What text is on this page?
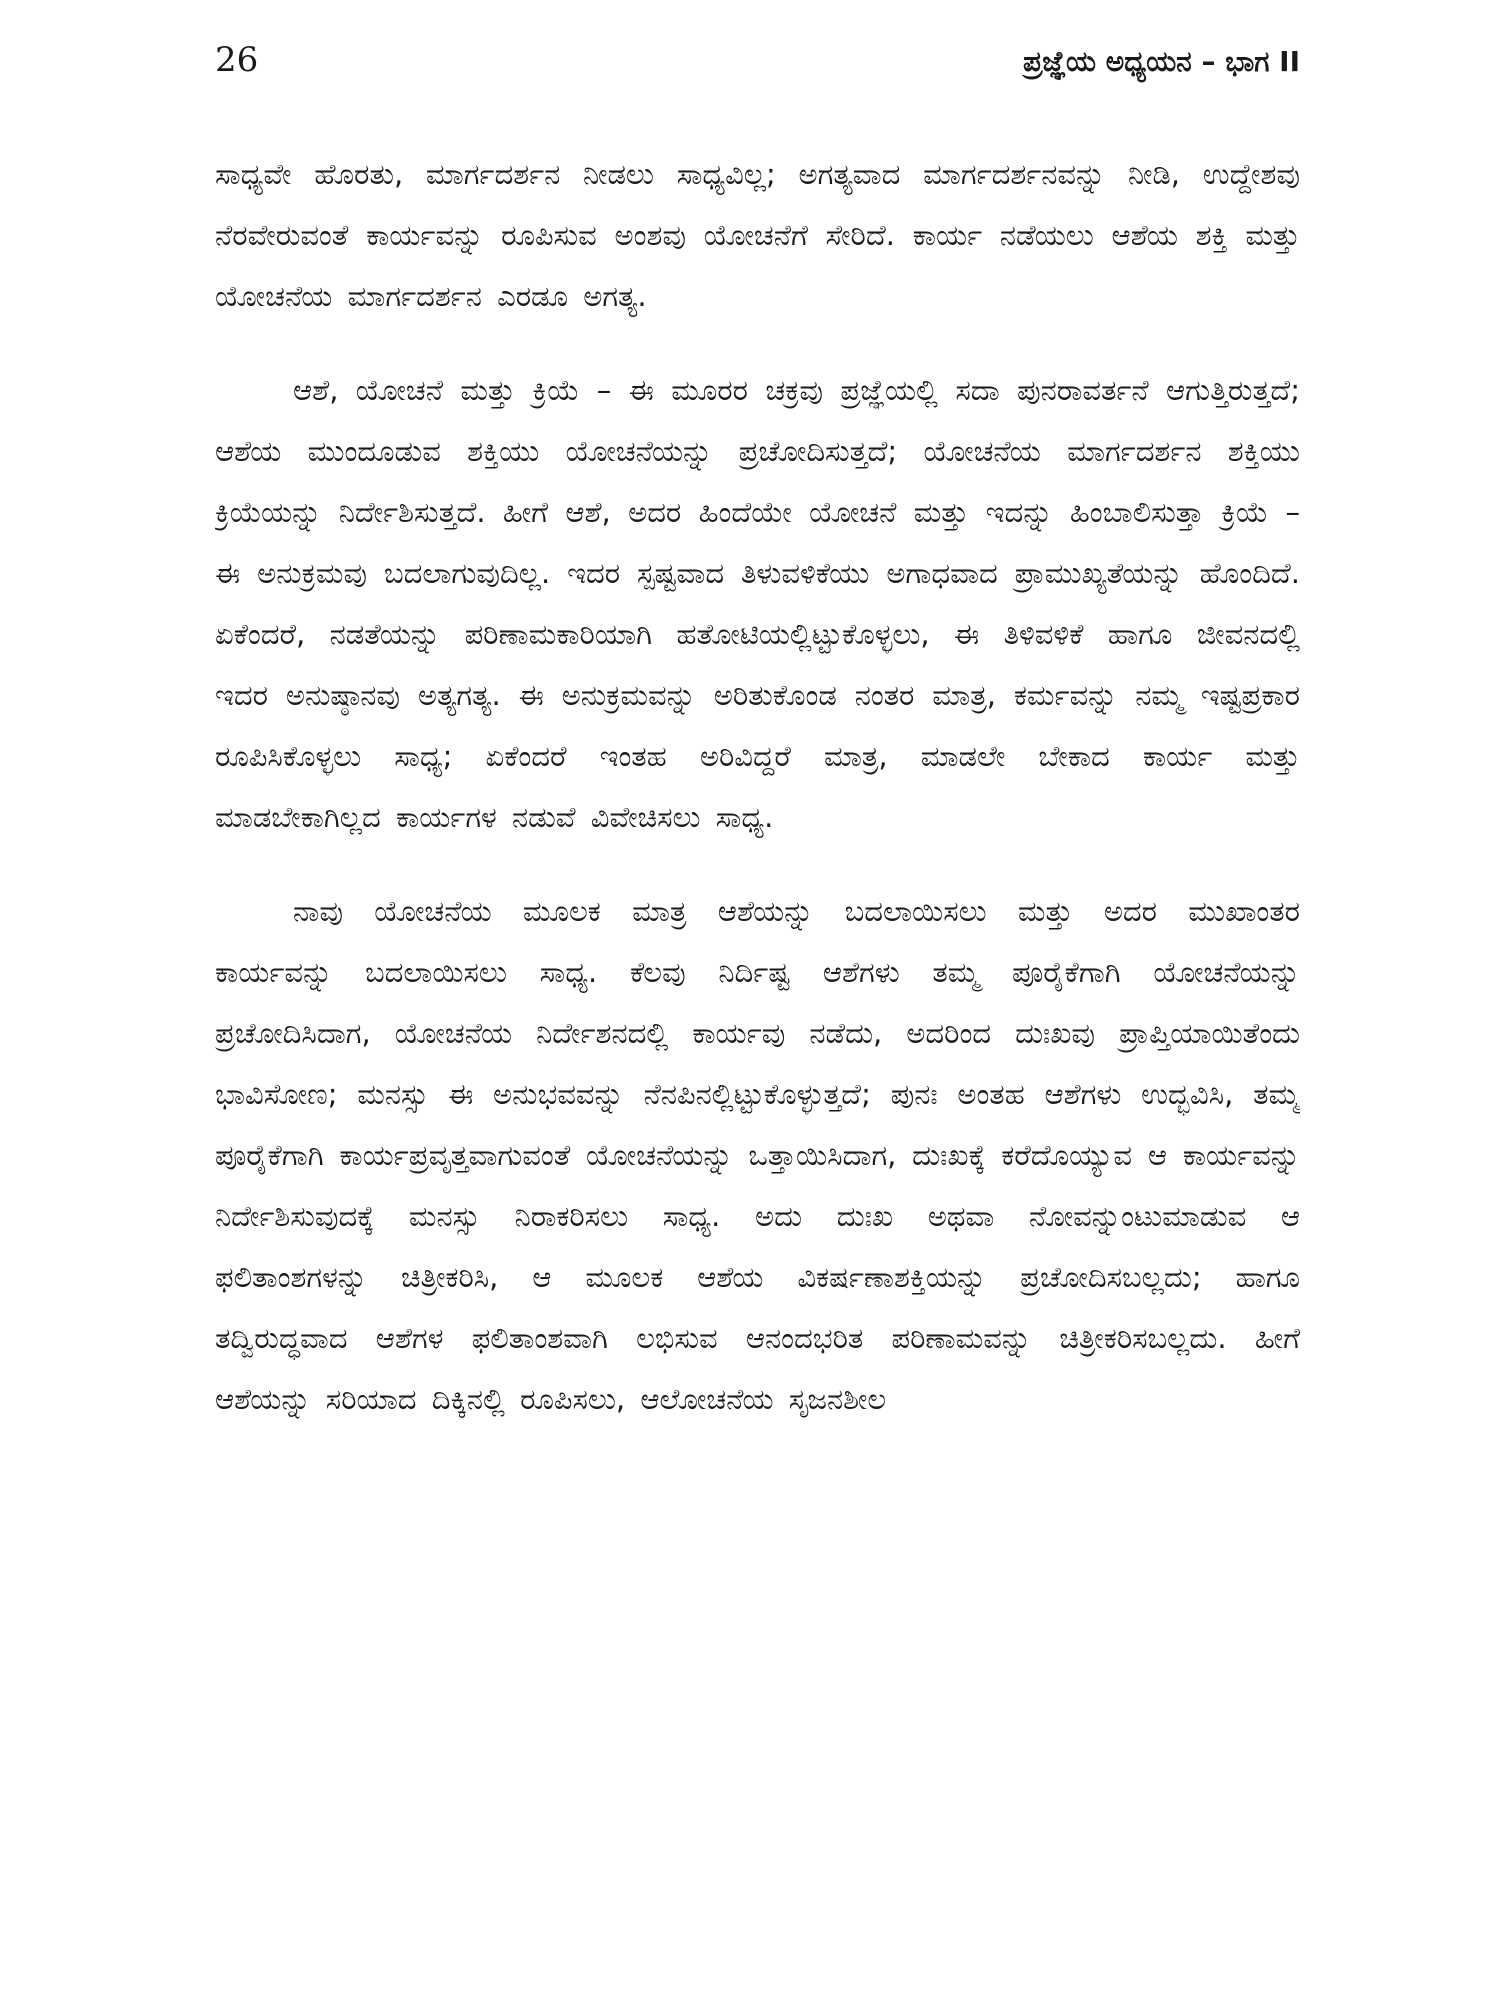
26	ಪ್ರಜ್ಞೆಯ ಅಧ್ಯಯನ – ಭಾಗ II

ಸಾಧ್ಯವೇ ಹೊರತು, ಮಾರ್ಗದರ್ಶನ ನೀಡಲು ಸಾಧ್ಯವಿಲ್ಲ; ಅಗತ್ಯವಾದ ಮಾರ್ಗದರ್ಶನವನ್ನು ನೀಡಿ, ಉದ್ದೇಶವು ನೆರವೇರುವಂತೆ ಕಾರ್ಯವನ್ನು ರೂಪಿಸುವ ಅಂಶವು ಯೋಚನೆಗೆ ಸೇರಿದೆ. ಕಾರ್ಯ ನಡೆಯಲು ಆಶೆಯ ಶಕ್ತಿ ಮತ್ತು ಯೋಚನೆಯ ಮಾರ್ಗದರ್ಶನ ಎರಡೂ ಅಗತ್ಯ.

ಆಶೆ, ಯೋಚನೆ ಮತ್ತು ಕ್ರಿಯೆ – ಈ ಮೂರರ ಚಕ್ರವು ಪ್ರಜ್ಞೆಯಲ್ಲಿ ಸದಾ ಪುನರಾವರ್ತನೆ ಆಗುತ್ತಿರುತ್ತದೆ; ಆಶೆಯ ಮುಂದೂಡುವ ಶಕ್ತಿಯು ಯೋಚನೆಯನ್ನು ಪ್ರಚೋದಿಸುತ್ತದೆ; ಯೋಚನೆಯ ಮಾರ್ಗದರ್ಶನ ಶಕ್ತಿಯು ಕ್ರಿಯೆಯನ್ನು ನಿರ್ದೇಶಿಸುತ್ತದೆ. ಹೀಗೆ ಆಶೆ, ಅದರ ಹಿಂದೆಯೇ ಯೋಚನೆ ಮತ್ತು ಇದನ್ನು ಹಿಂಬಾಲಿಸುತ್ತಾ ಕ್ರಿಯೆ – ಈ ಅನುಕ್ರಮವು ಬದಲಾಗುವುದಿಲ್ಲ. ಇದರ ಸ್ಪಷ್ಟವಾದ ತಿಳುವಳಿಕೆಯು ಅಗಾಧವಾದ ಪ್ರಾಮುಖ್ಯತೆಯನ್ನು ಹೊಂದಿದೆ. ಏಕೆಂದರೆ, ನಡತೆಯನ್ನು ಪರಿಣಾಮಕಾರಿಯಾಗಿ ಹತೋಟಿಯಲ್ಲಿಟ್ಟುಕೊಳ್ಳಲು, ಈ ತಿಳಿವಳಿಕೆ ಹಾಗೂ ಜೀವನದಲ್ಲಿ ಇದರ ಅನುಷ್ಠಾನವು ಅತ್ಯಗತ್ಯ. ಈ ಅನುಕ್ರಮವನ್ನು ಅರಿತುಕೊಂಡ ನಂತರ ಮಾತ್ರ, ಕರ್ಮವನ್ನು ನಮ್ಮ ಇಷ್ಟಪ್ರಕಾರ ರೂಪಿಸಿಕೊಳ್ಳಲು ಸಾಧ್ಯ; ಏಕೆಂದರೆ ಇಂತಹ ಅರಿವಿದ್ದರೆ ಮಾತ್ರ, ಮಾಡಲೇ ಬೇಕಾದ ಕಾರ್ಯ ಮತ್ತು ಮಾಡಬೇಕಾಗಿಲ್ಲದ ಕಾರ್ಯಗಳ ನಡುವೆ ವಿವೇಚಿಸಲು ಸಾಧ್ಯ.

ನಾವು ಯೋಚನೆಯ ಮೂಲಕ ಮಾತ್ರ ಆಶೆಯನ್ನು ಬದಲಾಯಿಸಲು ಮತ್ತು ಅದರ ಮುಖಾಂತರ ಕಾರ್ಯವನ್ನು ಬದಲಾಯಿಸಲು ಸಾಧ್ಯ. ಕೆಲವು ನಿರ್ದಿಷ್ಟ ಆಶೆಗಳು ತಮ್ಮ ಪೂರೈಕೆಗಾಗಿ ಯೋಚನೆಯನ್ನು ಪ್ರಚೋದಿಸಿದಾಗ, ಯೋಚನೆಯ ನಿರ್ದೇಶನದಲ್ಲಿ ಕಾರ್ಯವು ನಡೆದು, ಅದರಿಂದ ದುಃಖವು ಪ್ರಾಪ್ತಿಯಾಯಿತೆಂದು ಭಾವಿಸೋಣ; ಮನಸ್ಸು ಈ ಅನುಭವವನ್ನು ನೆನಪಿನಲ್ಲಿಟ್ಟುಕೊಳ್ಳುತ್ತದೆ; ಪುನಃ ಅಂತಹ ಆಶೆಗಳು ಉದ್ಭವಿಸಿ, ತಮ್ಮ ಪೂರೈಕೆಗಾಗಿ ಕಾರ್ಯಪ್ರವೃತ್ತವಾಗುವಂತೆ ಯೋಚನೆಯನ್ನು ಒತ್ತಾಯಿಸಿದಾಗ, ದುಃಖಕ್ಕೆ ಕರೆದೊಯ್ಯುವ ಆ ಕಾರ್ಯವನ್ನು ನಿರ್ದೇಶಿಸುವುದಕ್ಕೆ ಮನಸ್ಸು ನಿರಾಕರಿಸಲು ಸಾಧ್ಯ. ಅದು ದುಃಖ ಅಥವಾ ನೋವನ್ನುಂಟುಮಾಡುವ ಆ ಫಲಿತಾಂಶಗಳನ್ನು ಚಿತ್ರೀಕರಿಸಿ, ಆ ಮೂಲಕ ಆಶೆಯ ವಿಕರ್ಷಣಾಶಕ್ತಿಯನ್ನು ಪ್ರಚೋದಿಸಬಲ್ಲದು; ಹಾಗೂ ತದ್ವಿರುದ್ಧವಾದ ಆಶೆಗಳ ಫಲಿತಾಂಶವಾಗಿ ಲಭಿಸುವ ಆನಂದಭರಿತ ಪರಿಣಾಮವನ್ನು ಚಿತ್ರೀಕರಿಸಬಲ್ಲದು. ಹೀಗೆ ಆಶೆಯನ್ನು ಸರಿಯಾದ ದಿಕ್ಕಿನಲ್ಲಿ ರೂಪಿಸಲು, ಆಲೋಚನೆಯ ಸೃಜನಶೀಲ
